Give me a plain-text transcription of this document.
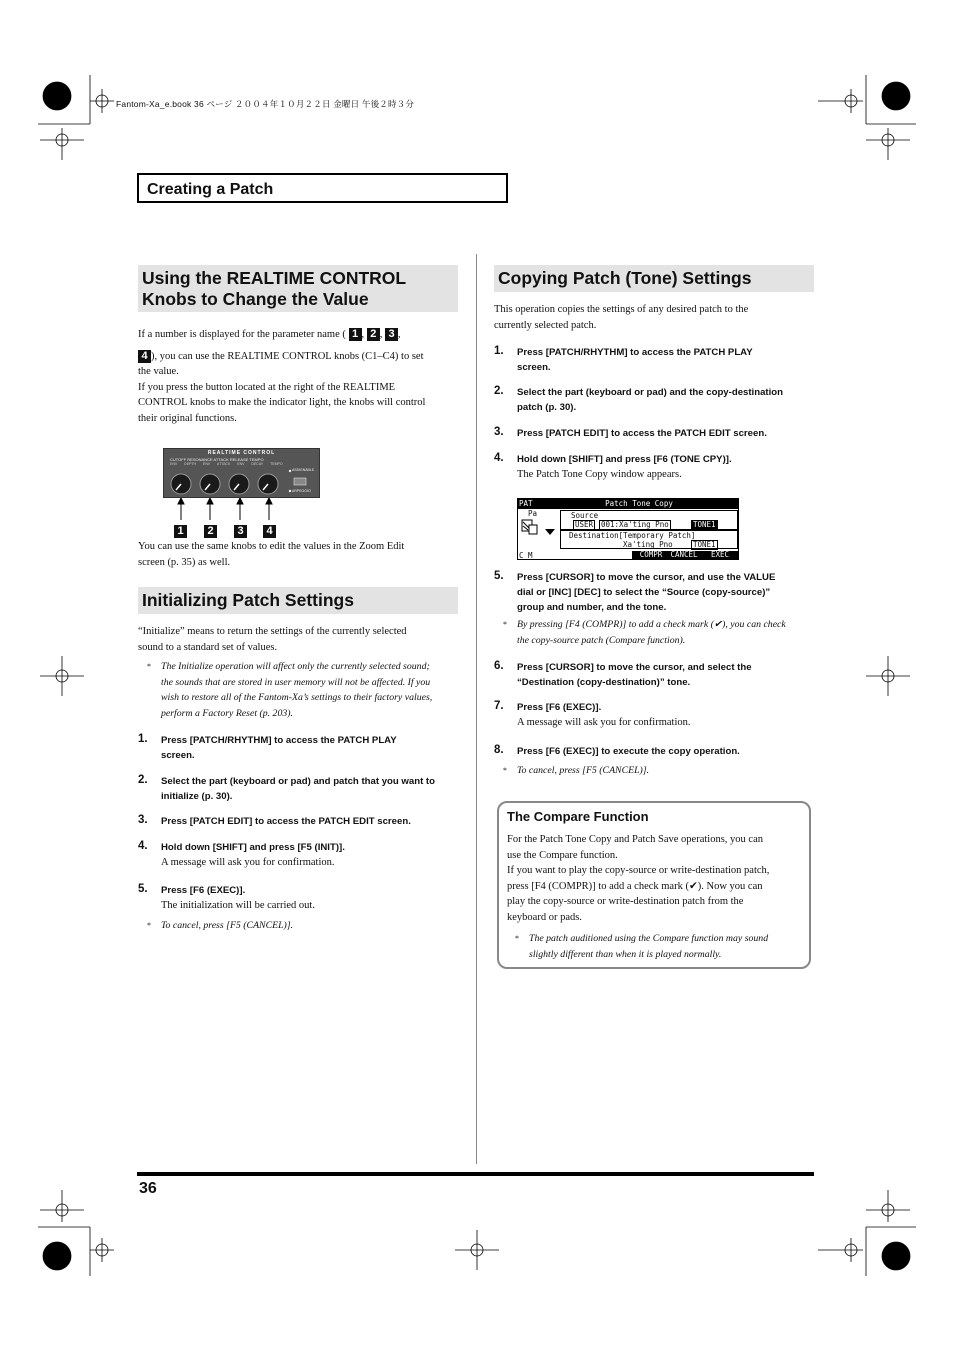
Fantom-Xa_e.book 36 ページ ２００４年１０月２２日 金曜日 午後２時３分
Creating a Patch
Using the REALTIME CONTROL
Knobs to Change the Value
If a number is displayed for the parameter name ( 1 , 2 , 3 ,
4 ), you can use the REALTIME CONTROL knobs (C1–C4) to set
the value.
If you press the button located at the right of the REALTIME
CONTROL knobs to make the indicator light, the knobs will control
their original functions.
REALTIME CONTROL
CUTOFF RESONANCE ATTACK RELEASE TEMPO
ENV DEPTH ENV ATTACK ENV DECAY TEMPO
ASSIGNABLE
ARPEGGIO
1	2	3	4
You can use the same knobs to edit the values in the Zoom Edit
screen (p. 35) as well.
Initializing Patch Settings
“Initialize” means to return the settings of the currently selected
sound to a standard set of values.
* The Initialize operation will affect only the currently selected sound;
the sounds that are stored in user memory will not be affected. If you
wish to restore all of the Fantom-Xa’s settings to their factory values,
perform a Factory Reset (p. 203).
1. Press [PATCH/RHYTHM] to access the PATCH PLAY
screen.
2. Select the part (keyboard or pad) and patch that you want to
initialize (p. 30).
3. Press [PATCH EDIT] to access the PATCH EDIT screen.
4. Hold down [SHIFT] and press [F5 (INIT)].
A message will ask you for confirmation.
5. Press [F6 (EXEC)].
The initialization will be carried out.
* To cancel, press [F5 (CANCEL)].
Copying Patch (Tone) Settings
This operation copies the settings of any desired patch to the
currently selected patch.
1. Press [PATCH/RHYTHM] to access the PATCH PLAY
screen.
2. Select the part (keyboard or pad) and the copy-destination
patch (p. 30).
3. Press [PATCH EDIT] to access the PATCH EDIT screen.
4. Hold down [SHIFT] and press [F6 (TONE CPY)].
The Patch Tone Copy window appears.
PAT
Pa
Patch Tone Copy
Source
USER 001:Xa'ting Pno	TONE1
Destination[Temporary Patch]
Xa'ting Pno	TONE1
C M	COMPR	CANCEL	EXEC
5. Press [CURSOR] to move the cursor, and use the VALUE
dial or [INC] [DEC] to select the “Source (copy-source)”
group and number, and the tone.
* By pressing [F4 (COMPR)] to add a check mark (✔), you can check
the copy-source patch (Compare function).
6. Press [CURSOR] to move the cursor, and select the
“Destination (copy-destination)” tone.
7. Press [F6 (EXEC)].
A message will ask you for confirmation.
8. Press [F6 (EXEC)] to execute the copy operation.
* To cancel, press [F5 (CANCEL)].
The Compare Function
For the Patch Tone Copy and Patch Save operations, you can
use the Compare function.
If you want to play the copy-source or write-destination patch,
press [F4 (COMPR)] to add a check mark (✔). Now you can
play the copy-source or write-destination patch from the
keyboard or pads.
* The patch auditioned using the Compare function may sound
slightly different than when it is played normally.
36
